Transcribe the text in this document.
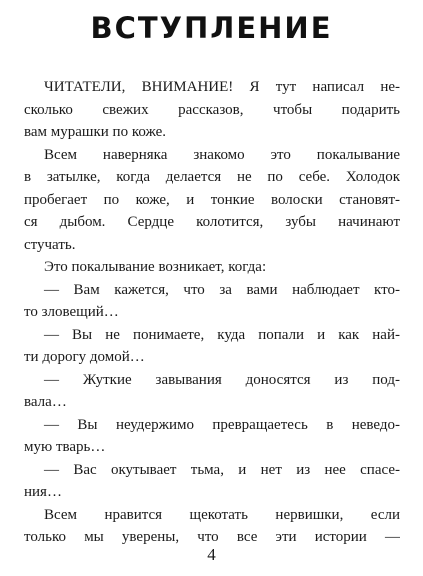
ВСТУПЛЕНИЕ
ЧИТАТЕЛИ, ВНИМАНИЕ! Я тут написал не-
сколько свежих рассказов, чтобы подарить
вам мурашки по коже.
Всем наверняка знакомо это покалывание
в затылке, когда делается не по себе. Холодок
пробегает по коже, и тонкие волоски становят-
ся дыбом. Сердце колотится, зубы начинают
стучать.
Это покалывание возникает, когда:
— Вам кажется, что за вами наблюдает кто-
то зловещий…
— Вы не понимаете, куда попали и как най-
ти дорогу домой…
— Жуткие завывания доносятся из под-
вала…
— Вы неудержимо превращаетесь в неведо-
мую тварь…
— Вас окутывает тьма, и нет из нее спасе-
ния…
Всем нравится щекотать нервишки, если
только мы уверены, что все эти истории —
4
